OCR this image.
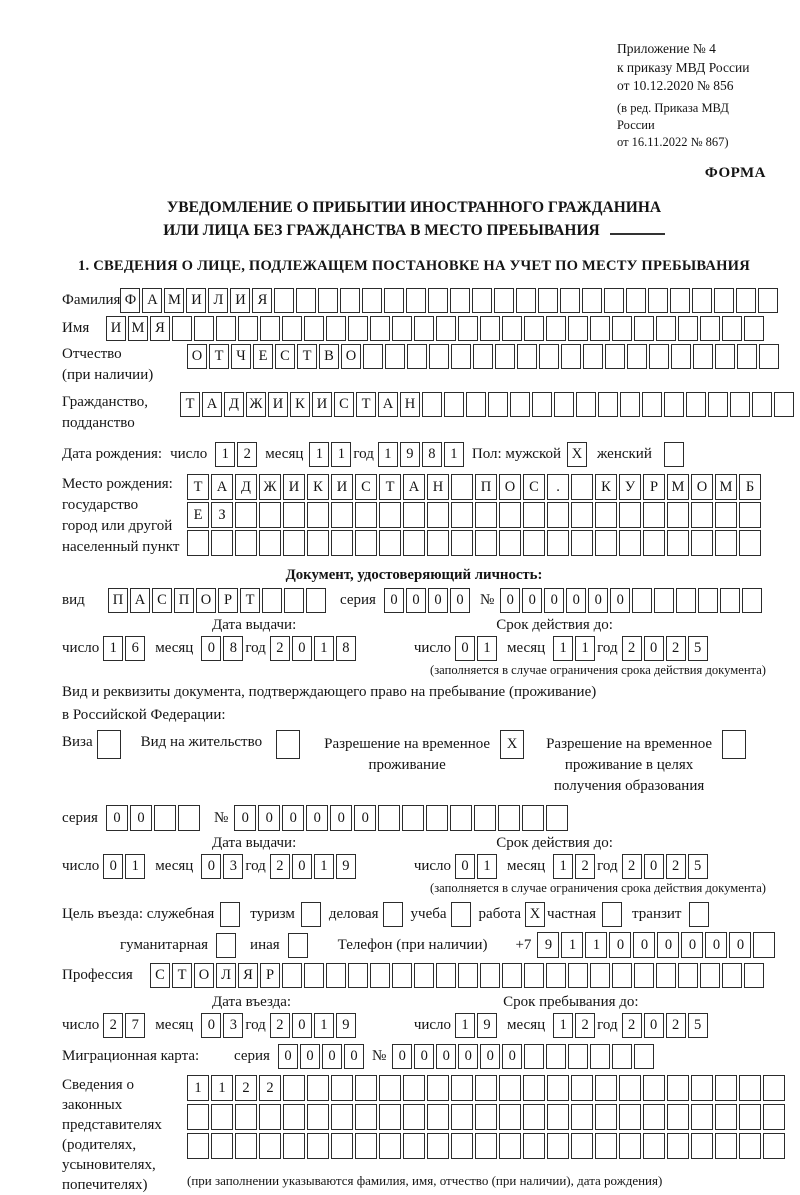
Приложение № 4
к приказу МВД России
от 10.12.2020 № 856
(в ред. Приказа МВД России
от 16.11.2022 № 867)
ФОРМА
УВЕДОМЛЕНИЕ О ПРИБЫТИИ ИНОСТРАННОГО ГРАЖДАНИНА
ИЛИ ЛИЦА БЕЗ ГРАЖДАНСТВА В МЕСТО ПРЕБЫВАНИЯ
1. СВЕДЕНИЯ О ЛИЦЕ, ПОДЛЕЖАЩЕМ ПОСТАНОВКЕ НА УЧЕТ ПО МЕСТУ ПРЕБЫВАНИЯ
Фамилия Ф А М И Л И Я
Имя	И М Я
Отчество
(при наличии)
О Т Ч Е С Т В О
Гражданство,
подданство
Т А Д Ж И К И С Т А Н
Дата рождения: число 1	2 месяц 1	1 год 1	9	8	1 Пол: мужской X женский
Место рождения:
государство
город или другой
населенный пункт
Т А Д Ж И К И С	Т А Н	П О С	.	К У	Р М О М Б

Е	З

Документ, удостоверяющий личность:
вид	П А С П О Р Т	серия 0	0	0	0	№ 0	0	0	0	0	0
Дата выдачи:	Срок действия до:
число 1	6	месяц 0	8 год 2	0	1	8	число 0	1	месяц 1	1 год 2	0	2	5
(заполняется в случае ограничения срока действия документа)
Вид и реквизиты документа, подтверждающего право на пребывание (проживание)
в Российской Федерации:
Виза	Вид на жительство	Разрешение на временное
проживание
X	Разрешение на временное
проживание в целях
получения образования
серия	0	0	№ 0	0	0	0	0	0
Дата выдачи:	Срок действия до:
число 0	1	месяц 0	3 год 2	0	1	9	число 0	1	месяц 1	2 год 2	0	2	5
(заполняется в случае ограничения срока действия документа)
Цель въезда: служебная туризм деловая учеба работа X частная транзит
гуманитарная	иная	Телефон (при наличии) +7 9	1	1	0	0	0	0	0	0
Профессия	С Т О Л Я Р
Дата въезда:	Срок пребывания до:
число 2	7	месяц 0	3 год 2	0	1	9	число 1	9	месяц 1	2 год 2	0	2	5
Миграционная карта:	серия 0	0	0	0 № 0	0	0	0	0	0
Сведения о
законных
представителях
(родителях,
усыновителях,
попечителях)
1	1	2	2
(при заполнении указываются фамилия, имя, отчество (при наличии), дата рождения)
